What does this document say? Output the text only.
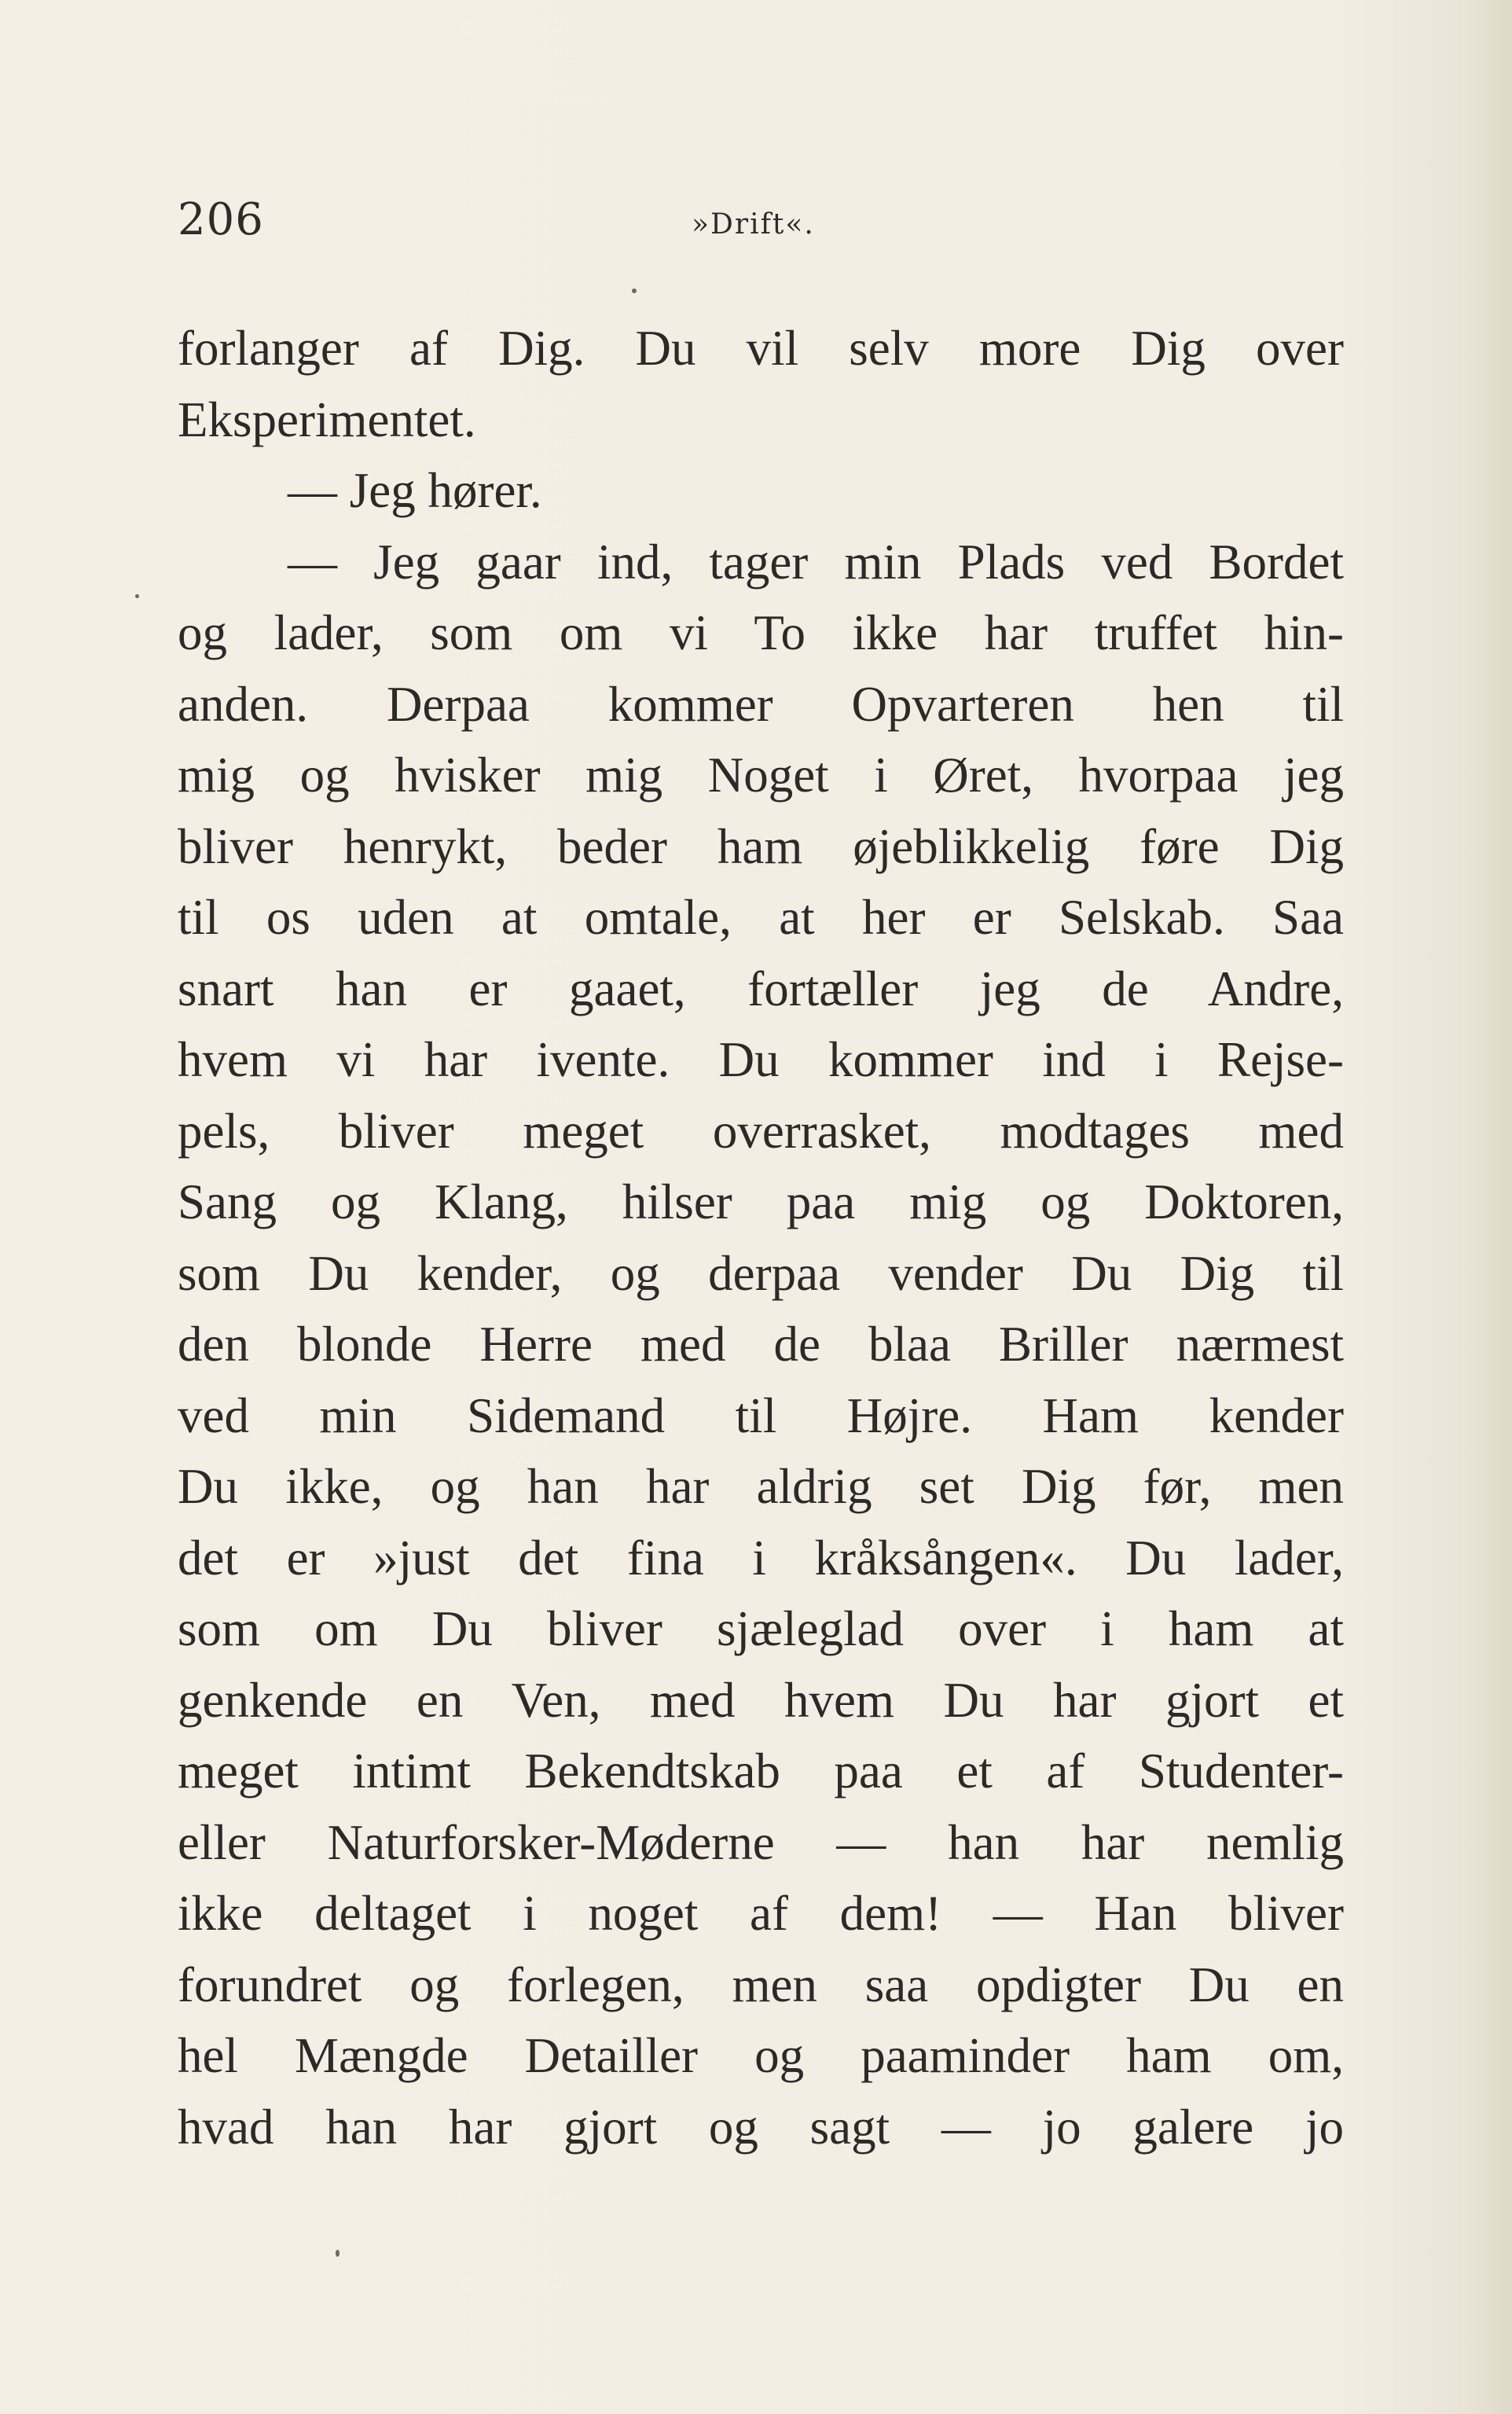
206	»Drift«.
forlanger af Dig. Du vil selv more Dig over
Eksperimentet.
— Jeg hører.
— Jeg gaar ind, tager min Plads ved Bordet
og lader, som om vi To ikke har truffet hin-
anden. Derpaa kommer Opvarteren hen til
mig og hvisker mig Noget i Øret, hvorpaa jeg
bliver henrykt, beder ham øjeblikkelig føre Dig
til os uden at omtale, at her er Selskab. Saa
snart han er gaaet, fortæller jeg de Andre,
hvem vi har ivente. Du kommer ind i Rejse-
pels, bliver meget overrasket, modtages med
Sang og Klang, hilser paa mig og Doktoren,
som Du kender, og derpaa vender Du Dig til
den blonde Herre med de blaa Briller nærmest
ved min Sidemand til Højre. Ham kender
Du ikke, og han har aldrig set Dig før, men
det er »just det fina i kråksången«. Du lader,
som om Du bliver sjæleglad over i ham at
genkende en Ven, med hvem Du har gjort et
meget intimt Bekendtskab paa et af Studenter-
eller Naturforsker-Møderne — han har nemlig
ikke deltaget i noget af dem! — Han bliver
forundret og forlegen, men saa opdigter Du en
hel Mængde Detailler og paaminder ham om,
hvad han har gjort og sagt — jo galere jo
